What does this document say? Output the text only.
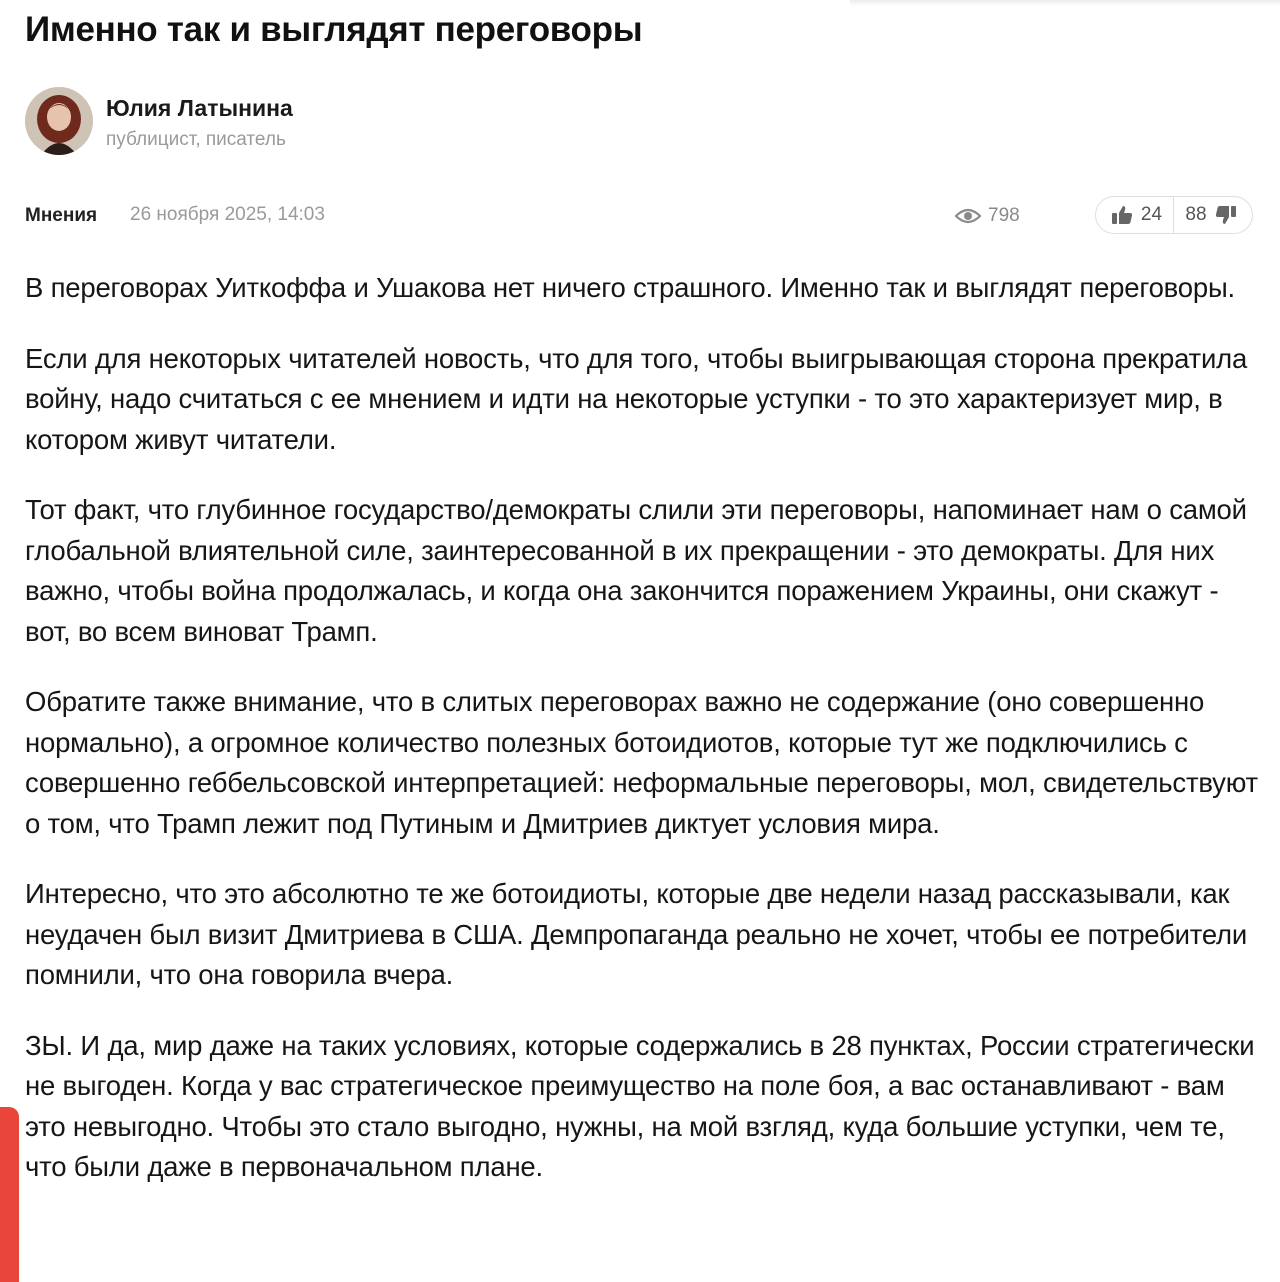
Именно так и выглядят переговоры
Юлия Латынина
публицист, писатель
Мнения 26 ноября 2025, 14:03	798	24 88

В переговорах Уиткоффа и Ушакова нет ничего страшного. Именно так и выглядят переговоры.

Если для некоторых читателей новость, что для того, чтобы выигрывающая сторона прекратила войну, надо считаться с ее мнением и идти на некоторые уступки - то это характеризует мир, в котором живут читатели.

Тот факт, что глубинное государство/демократы слили эти переговоры, напоминает нам о самой глобальной влиятельной силе, заинтересованной в их прекращении - это демократы. Для них важно, чтобы война продолжалась, и когда она закончится поражением Украины, они скажут - вот, во всем виноват Трамп.

Обратите также внимание, что в слитых переговорах важно не содержание (оно совершенно нормально), а огромное количество полезных ботоидиотов, которые тут же подключились с совершенно геббельсовской интерпретацией: неформальные переговоры, мол, свидетельствуют о том, что Трамп лежит под Путиным и Дмитриев диктует условия мира.

Интересно, что это абсолютно те же ботоидиоты, которые две недели назад рассказывали, как неудачен был визит Дмитриева в США. Демпропаганда реально не хочет, чтобы ее потребители помнили, что она говорила вчера.

ЗЫ. И да, мир даже на таких условиях, которые содержались в 28 пунктах, России стратегически не выгоден. Когда у вас стратегическое преимущество на поле боя, а вас останавливают - вам это невыгодно. Чтобы это стало выгодно, нужны, на мой взгляд, куда большие уступки, чем те, что были даже в первоначальном плане.
